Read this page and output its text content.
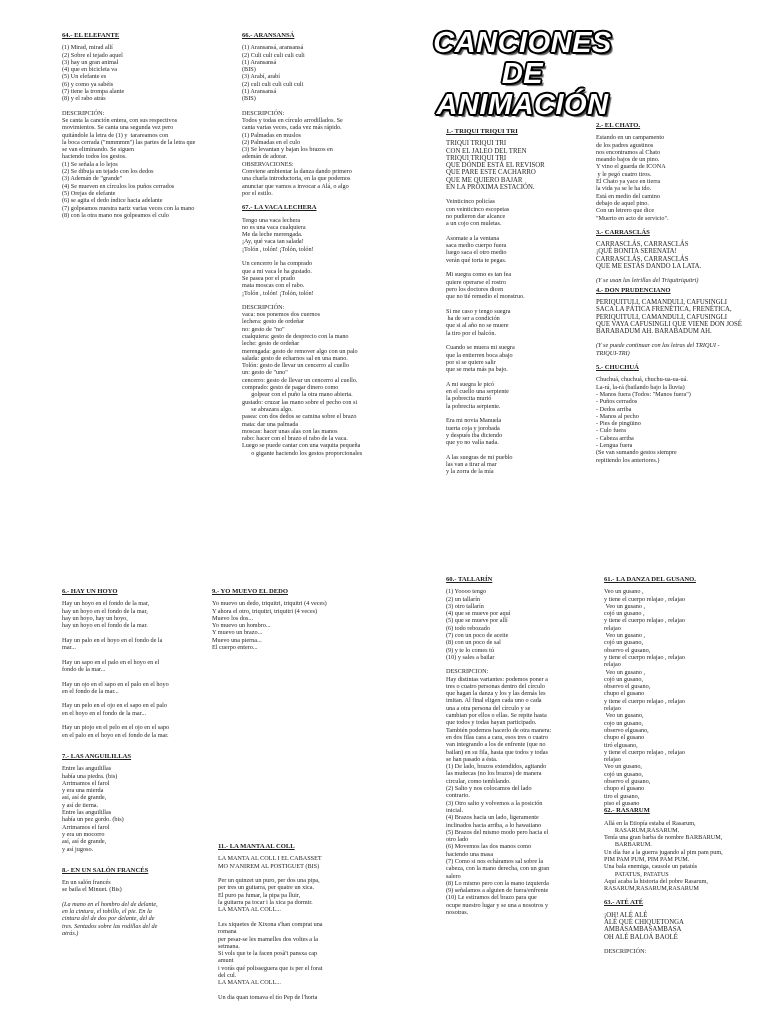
CANCIONES DE
ANIMACIÓN
64.- EL ELEFANTE

(1) Mirad, mirad allí
(2) Sobre el tejado aquel
(3) hay un gran animal
(4) que en bicicleta va
(5) Un elefante es
(6) y como ya sabéis
(7) tiene la trompa alante
(8) y el rabo atrás

DESCRIPCIÓN:
Se canta la canción entera, con sus respectivos
movimientos. Se canta una segunda vez pero
quitándole la letra de (1) y  tarareamos con
la boca cerrada ("mmmmm") las partes de la letra que
se van eliminando. Se siguen
haciendo todos los gestos.
(1) Se señala a lo lejos
(2) Se dibuja un tejado con los dedos
(3) Ademán de "grande"
(4) Se mueven en círculos los puños cerrados
(5) Orejas de elefante
(6) se agita el dedo índice hacia adelante
(7) golpeamos nuestra nariz varias veces con la mano
(8) con la otra mano nos golpeamos el culo

66.- ARANSANSÁ

(1) Aransansá, aransansá
(2) Culi culi culi culi culi
(1) Aransansá
(BIS)
(3) Arabí, arabí
(2) culi culi culi culi culi
(1) Aransansá
(BIS)

DESCRIPCIÓN:
Todos y todas en círculo arrodillados. Se
canta varias veces, cada vez más rápido.
(1) Palmadas en muslos
(2) Palmadas en el culo
(3) Se levantan y bajan los brazos en
ademán de adorar.
OBSERVACIONES:
Conviene ambientar la danza dando primero
una charla introductoria, en la que podemos
anunciar que vamos a invocar a Alá, o algo
por el estilo.

67.- LA VACA LECHERA

Tengo una vaca lechera
no es una vaca cualquiera
Me da leche merengada.
¡Ay, qué vaca tan salada!
¡Tolón , tolón! ¡Tolón, tolón!

Un cencerro le ha comprado
que a mi vaca le ha gustado.
Se pasea por el prado
mata moscas con el rabo.
¡Tolón , tolón! ¡Tolón, tolón!

DESCRIPCIÓN:
vaca: nos ponemos dos cuernos
lechera: gesto de ordeñar
no: gesto de "no"
cualquiera: gesto de desprecio con la mano
leche: gesto de ordeñar
merengada: gesto de remover algo con un palo
salada: gesto de echarnos sal en una mano.
Tolón: gesto de llevar un cencerro al cuello
un: gesto de "uno"
cencerro: gesto de llevar un cencerro al cuello.
comprado: gesto de pagar dinero como
golpear con el puño la otra mano abierta.
gustado: cruzar las mano sobre el pecho con si
se abrazara algo.
pasea: con dos dedos se camina sobre el brazo
mata: dar una palmada
moscas: hacer unas alas con las manos
rabo: hacer con el brazo el rabo de la vaca.
Luego se puede cantar con una vaquita pequeña
o gigante haciendo los gestos proporcionales

1.- TRIQUI TRIQUI TRI

TRIQUI TRIQUI TRI
CON EL JALEO DEL TREN
TRIQUI TRIQUI TRI
QUE DÓNDE ESTÁ EL REVISOR
QUE PARE ESTE CACHARRO
QUE ME QUIERO BAJAR
EN LA PRÓXIMA ESTACIÓN.

Veinticinco policías
con veinticinco escopetas
no pudieron dar alcance
a un cojo con muletas.

Asomate a la ventana
saca medio cuerpo fuera
luego saca el otro medio
verán qué torta te pegas.

Mi suegra como es tan fea
quiere operarse el rostro
pero los doctores dicen
que no tié remedio el monstruo.

Si me caso y tengo suegra
ha de ser a condición
que si al año no se muere
la tiro por el balcón.

Cuando se muera mi suegra
que la entierren boca abajo
por si se quiere salir
que se meta más pa bajo.

A mi suegra le picó
en el cuello una serpiente
la pobrecita murió
la pobrecita serpiente.

Era mi novia Manuela
tuerta coja y jorobada
y después iba diciendo
que yo no valía nada.

A las suegras de mi pueblo
las van a tirar al mar
y la zorra de la mía

2.- EL CHATO.

Estando en un campamento
de los padres agustinos
nos encontramos al Chato
meando bajos de un pino.
Y vino el guarda de ICONA
y le pegó cuatro tiros.
El Chato ya yace en tierra
la vida ya se le ha ido.
Está en medio del camino
debajo de aquel pino.
Con un letrero que dice
"Muerto en acto de servicio".

3.- CARRASCLÁS

CARRASCLÁS, CARRASCLÁS
¡QUÉ BONITA SERENATA!
CARRASCLÁS, CARRASCLÁS
QUE ME ESTÁS DANDO LA LATA.

(Y se usan las letrillas del Triquitriquitri)

4.- DON PRUDENCIANO

PERIQUITULI, CAMANDULI, CAFUSINGLI
SACA LA PÁTICA FRENÉTICA, FRENÉTICA,
PERIQUITULI, CAMANDULI, CAFUSINGLI
QUE VAYA CAFUSINGLI QUE VIENE DON JOSÉ
BARABADUM AH. BARABADUM AH.

(Y se puede continuar con las letras del TRIQUI -
TRIQUI-TRI)

5.- CHUCHUÁ

Chuchuá, chuchuá, chuchu-ua-ua-uá.
La-rá, la-rá (bailando bajo la lluvia)
- Manos fuera (Todos: "Manos fuera")
- Puños cerrados
- Dedos arriba
- Manos al pecho
- Pies de pingüino
- Culo fuera
- Cabeza arriba
- Lengua fuera
(Se van sumando gestos siempre
repitiendo los anteriores.)

6.- HAY UN HOYO

Hay un hoyo en el fondo de la mar,
hay un hoyo en el fondo de la mar,
hay un hoyo, hay un hoyo,
hay un hoyo en el fondo de la mar.

Hay un palo en el hoyo en el fondo de la
mar...

Hay un sapo en el palo en el hoyo en el
fondo de la mar...

Hay un ojo en el sapo en el palo en el hoyo
en el fondo de la mar...

Hay un pelo en el ojo en el sapo en el palo
en el hoyo en el fondo de la mar...

Hay un piojo en el pelo en el ojo en el sapo
en el palo en el hoyo en el fondo de la mar.

7.- LAS ANGUILILLAS

Entre las anguilillas
había una piedra. (bis)
Arrimamos el farol
y era una mierda
así, así de grande,
y así de tierna.
Entre las anguilillas
había un pez gordo. (bis)
Arrimamos el farol
y era un mocorro
así, así de grande,
y así jugoso.

8.- EN UN SALÓN FRANCÉS

En un salón francés
se baila el Minuet. (Bis)

(La mano en el hombro del de delante,
en la cintura, el tobillo, el pie. En la
cintura del de dos por delante, del de
tres. Sentados sobre las rodillas del de
atrás.)

9.- YO MUEVO EL DEDO

Yo muevo un dedo, triquitri, triquitri (4 veces)
Y ahora el otro, triquitri, triquitri (4 veces)
Muevo los dos...
Yo muevo un hombro...
Y muevo un brazo...
Muevo una pierna...
El cuerpo entero...

11.- LA MANTA AL COLL

LA MANTA AL COLL I EL CABASSET
MO N'ANIREM AL POSTIGUET (BIS)

Per un quinzet un puro, per dos una pipa,
per tres un guitarra, per quatre un xica.
El puro pa fumar, la pipa pa lluir,
la guitarra pa tocar i la xica pa dormir.
LA MANTA AL COLL...

Les xiquetes de Xixona s'han comprat una
romana
per pesar-se les mamelles dos voltes a la
setmana.
Si vols que te la facen posà't pansxa cap
amunt
i vorás qué polisseguera que is per el forat
del cul.
LA MANTA AL COLL...

Un dia quan tomava el tío Pep de l'horta

60.- TALLARÍN

(1) Yoooo tengo
(2) un tallarín
(3) otro tallarín
(4) que se mueve por aquí
(5) que se mueve por allí
(6) todo rebozado
(7) con un poco de aceite
(8) con un poco de sal
(9) y te lo comes tú
(10) y sales a bailar

DESCRIPCION:
Hay distintas variantes: podemos poner a
tres o cuatro personas dentro del círculo
que hagan la danza y los y las demás les
imitan. Al final eligen cada uno o cada
una a otra persona del círculo y se
cambian por ellos o ellas. Se repite hasta
que todos y todas hayan participado.
También podemos hacerlo de otra manera:
en dos filas cara a cara, esos tres o cuatro
van integrando a los de enfrente (que no
bailan) en su fila, hasta que todos y todas
se han pasado a ésta.
(1) De lado, brazos extendidos, agitando
las muñecas (no los brazos) de manera
circular, como temblando.
(2) Salto y nos colocamos del lado
contrario.
(3) Otro salto y volvemos a la posición
inicial.
(4) Brazos hacia un lado, ligeramente
inclinados hacia arriba, a lo hawaiiano
(5) Brazos del mismo modo pero hacia el
otro lado
(6) Movemos las dos manos como
haciendo una masa
(7) Como si nos echáramos sal sobre la
cabeza, con la mano derecha, con un gran
salero
(8) Lo mismo pero con la mano izquierda
(9) señalamos a alguien de fuera/enfrente
(10) Le estiramos del brazo para que
ocupe nuestro lugar y se una a nosotros y
nosotras.

61.- LA DANZA DEL GUSANO.

Veo un gusano ,
y tiene el cuerpo relajao , relajao
Veo un gusano ,
cojó un gusano ,
y tiene el cuerpo relajao , relajao
relajao
Veo un gusano ,
cojó un gusano,
observo el gusano,
y tiene el cuerpo relajao , relajao
relajao
Veo un gusano ,
cojó un gusano,
observo el gusano,
chupo el gusano
y tiene el cuerpo relajao , relajao
relajao
Veo un gusano,
cojo un gusano,
observo elgusano,
chupo el gusano
tiró elgusano,
y tiene el cuerpo relajao , relajao
relajao
Veo un gusano,
cojó un gusano,
observo el gusano,
chupo el gusano
tiro el gusano,
piso el gusano

62.- RASARUM

Allá en la Etiopía estaba el Rasarum,
RASARUM,RASARUM.
Tenía una gran barba de nombre BARBARUM,
BARBARUM.
Un día fue a la guerra jugando al pim pam pum,
PIM PAM PUM, PIM PAM PUM.
Una bala enemiga, causole un patatús
PATATUS, PATATUS
Aquí acaba la historia del pobre Rasarum,
RASARUM,RASARUM,RASARUM

63.- ATÉ ATÉ

¡OH! ALÉ ALÉ
ALÉ QUÉ CHIQUETONGA
AMBASAMBASAMBASA
OH ALÉ BALOÁ BAOLÉ

DESCRIPCIÓN:
